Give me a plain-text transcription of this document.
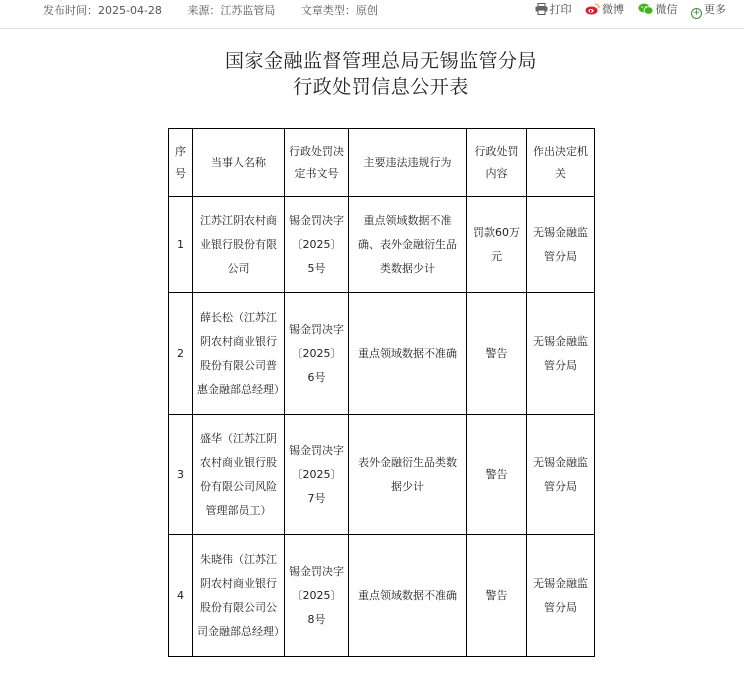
发布时间：2025-04-28 来源：江苏监管局 文章类型：原创	打印	微博	微信 + 更多
国家金融监督管理总局无锡监管分局
行政处罚信息公开表
序号	当事人名称	行政处罚决定书文号	主要违法违规行为	行政处罚内容	作出决定机关
1	江苏江阴农村商业银行股份有限公司	锡金罚决字〔2025〕5号	重点领域数据不准确、表外金融衍生品类数据少计	罚款60万元	无锡金融监管分局
2	薛长松（江苏江阴农村商业银行股份有限公司普惠金融部总经理）	锡金罚决字〔2025〕6号	重点领域数据不准确	警告	无锡金融监管分局
3	盛华（江苏江阴农村商业银行股份有限公司风险管理部员工）	锡金罚决字〔2025〕7号	表外金融衍生品类数据少计	警告	无锡金融监管分局
4	朱晓伟（江苏江阴农村商业银行股份有限公司公司金融部总经理）	锡金罚决字〔2025〕8号	重点领域数据不准确	警告	无锡金融监管分局
